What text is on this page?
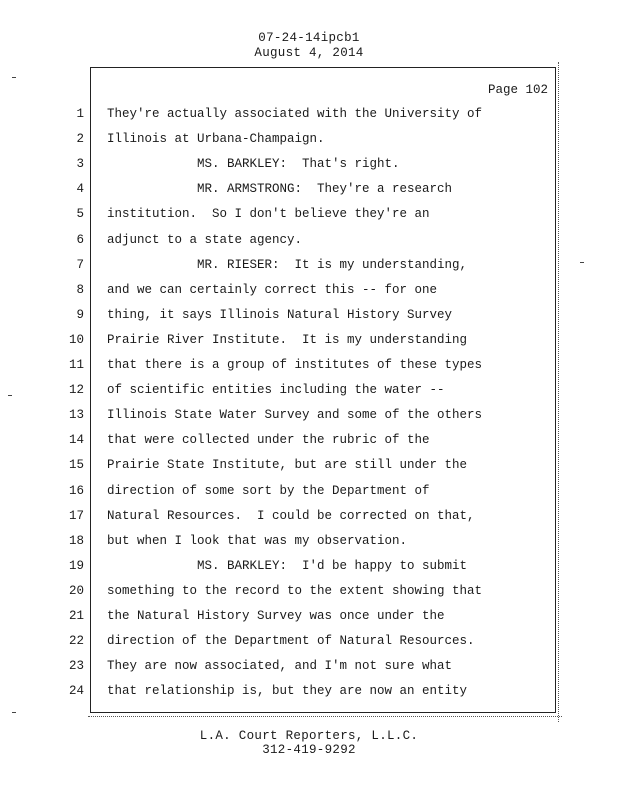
07-24-14ipcb1
August 4, 2014
Page 102
1 They're actually associated with the University of
2 Illinois at Urbana-Champaign.
3 MS. BARKLEY:  That's right.
4 MR. ARMSTRONG:  They're a research
5 institution.  So I don't believe they're an
6 adjunct to a state agency.
7 MR. RIESER:  It is my understanding,
8 and we can certainly correct this -- for one
9 thing, it says Illinois Natural History Survey
10 Prairie River Institute.  It is my understanding
11 that there is a group of institutes of these types
12 of scientific entities including the water --
13 Illinois State Water Survey and some of the others
14 that were collected under the rubric of the
15 Prairie State Institute, but are still under the
16 direction of some sort by the Department of
17 Natural Resources.  I could be corrected on that,
18 but when I look that was my observation.
19 MS. BARKLEY:  I'd be happy to submit
20 something to the record to the extent showing that
21 the Natural History Survey was once under the
22 direction of the Department of Natural Resources.
23 They are now associated, and I'm not sure what
24 that relationship is, but they are now an entity
L.A. Court Reporters, L.L.C.
312-419-9292
